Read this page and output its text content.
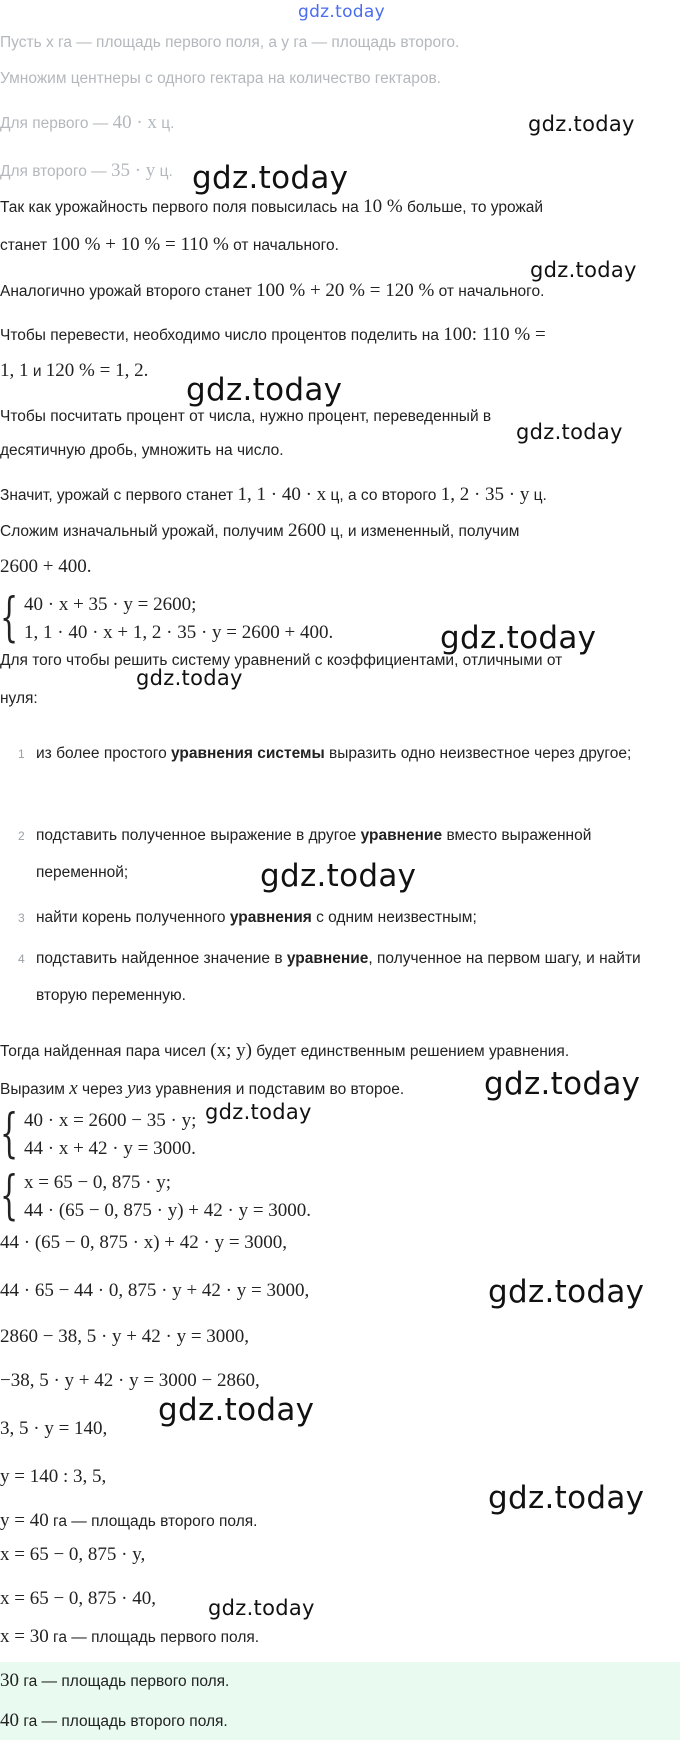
gdz.today
Пусть x га — площадь первого поля, а y га — площадь второго.
Умножим центнеры с одного гектара на количество гектаров.
Для первого — 40 · x ц.
Для второго — 35 · y ц.
Так как урожайность первого поля повысилась на 10 % больше, то урожай
станет 100 % + 10 % = 110 % от начального.
Аналогично урожай второго станет 100 % + 20 % = 120 % от начального.
Чтобы перевести, необходимо число процентов поделить на 100: 110 % =
1, 1 и 120 % = 1, 2.
Чтобы посчитать процент от числа, нужно процент, переведенный в
десятичную дробь, умножить на число.
Значит, урожай с первого станет 1, 1 · 40 · x ц, а со второго 1, 2 · 35 · y ц.
Сложим изначальный урожай, получим 2600 ц, и измененный, получим
2600 + 400.
{ 40 · x + 35 · y = 2600;
1, 1 · 40 · x + 1, 2 · 35 · y = 2600 + 400.
Для того чтобы решить систему уравнений с коэффициентами, отличными от
нуля:
1 из более простого уравнения системы выразить одно неизвестное через другое;
2 подставить полученное выражение в другое уравнение вместо выраженной переменной;
3 найти корень полученного уравнения с одним неизвестным;
4 подставить найденное значение в уравнение, полученное на первом шагу, и найти вторую переменную.
Тогда найденная пара чисел (x; y) будет единственным решением уравнения.
Выразим x через yиз уравнения и подставим во второе.
{ 40 · x = 2600 − 35 · y;
44 · x + 42 · y = 3000.
{ x = 65 − 0, 875 · y;
44 · (65 − 0, 875 · y) + 42 · y = 3000.
44 · (65 − 0, 875 · x) + 42 · y = 3000,
44 · 65 − 44 · 0, 875 · y + 42 · y = 3000,
2860 − 38, 5 · y + 42 · y = 3000,
−38, 5 · y + 42 · y = 3000 − 2860,
3, 5 · y = 140,
y = 140 : 3, 5,
y = 40 га — площадь второго поля.
x = 65 − 0, 875 · y,
x = 65 − 0, 875 · 40,
x = 30 га — площадь первого поля.
30 га — площадь первого поля.
40 га — площадь второго поля.
gdz.today
gdz.today
gdz.today
gdz.today
gdz.today
gdz.today
gdz.today
gdz.today
gdz.today
gdz.today
gdz.today
gdz.today
gdz.today
gdz.today
